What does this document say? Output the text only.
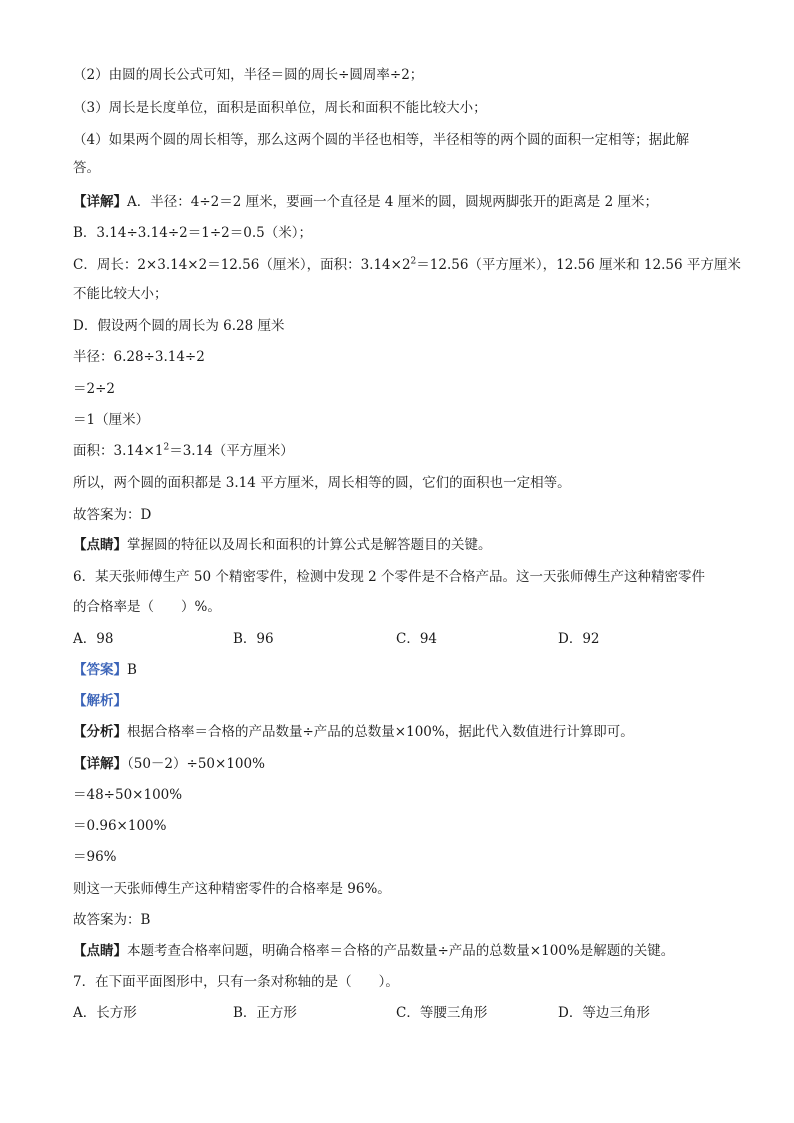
（2）由圆的周长公式可知，半径＝圆的周长÷圆周率÷2；
（3）周长是长度单位，面积是面积单位，周长和面积不能比较大小；
（4）如果两个圆的周长相等，那么这两个圆的半径也相等，半径相等的两个圆的面积一定相等；据此解
答。
【详解】A．半径：4÷2＝2 厘米，要画一个直径是 4 厘米的圆，圆规两脚张开的距离是 2 厘米；
B．3.14÷3.14÷2＝1÷2＝0.5（米）；
C．周长：2×3.14×2＝12.56（厘米），面积：$3.14\times 2^2=12.56$（平方厘米），12.56 厘米和 12.56 平方厘米
不能比较大小；
D．假设两个圆的周长为 6.28 厘米
半径：6.28÷3.14÷2
＝2÷2
＝1（厘米）
面积：$3.14\times 1^2=3.14$（平方厘米）
所以，两个圆的面积都是 3.14 平方厘米，周长相等的圆，它们的面积也一定相等。
故答案为：D
【点睛】掌握圆的特征以及周长和面积的计算公式是解答题目的关键。
6．某天张师傅生产 50 个精密零件，检测中发现 2 个零件是不合格产品。这一天张师傅生产这种精密零件
的合格率是（　　）%。
A．98	B．96	C．94	D．92
【答案】B
【解析】
【分析】根据合格率＝合格的产品数量÷产品的总数量×100%，据此代入数值进行计算即可。
【详解】（50－2）÷50×100%
＝48÷50×100%
＝0.96×100%
＝96%
则这一天张师傅生产这种精密零件的合格率是 96%。
故答案为：B
【点睛】本题考查合格率问题，明确合格率＝合格的产品数量÷产品的总数量×100%是解题的关键。
7．在下面平面图形中，只有一条对称轴的是（　　）。
A．长方形	B．正方形	C．等腰三角形	D．等边三角形
